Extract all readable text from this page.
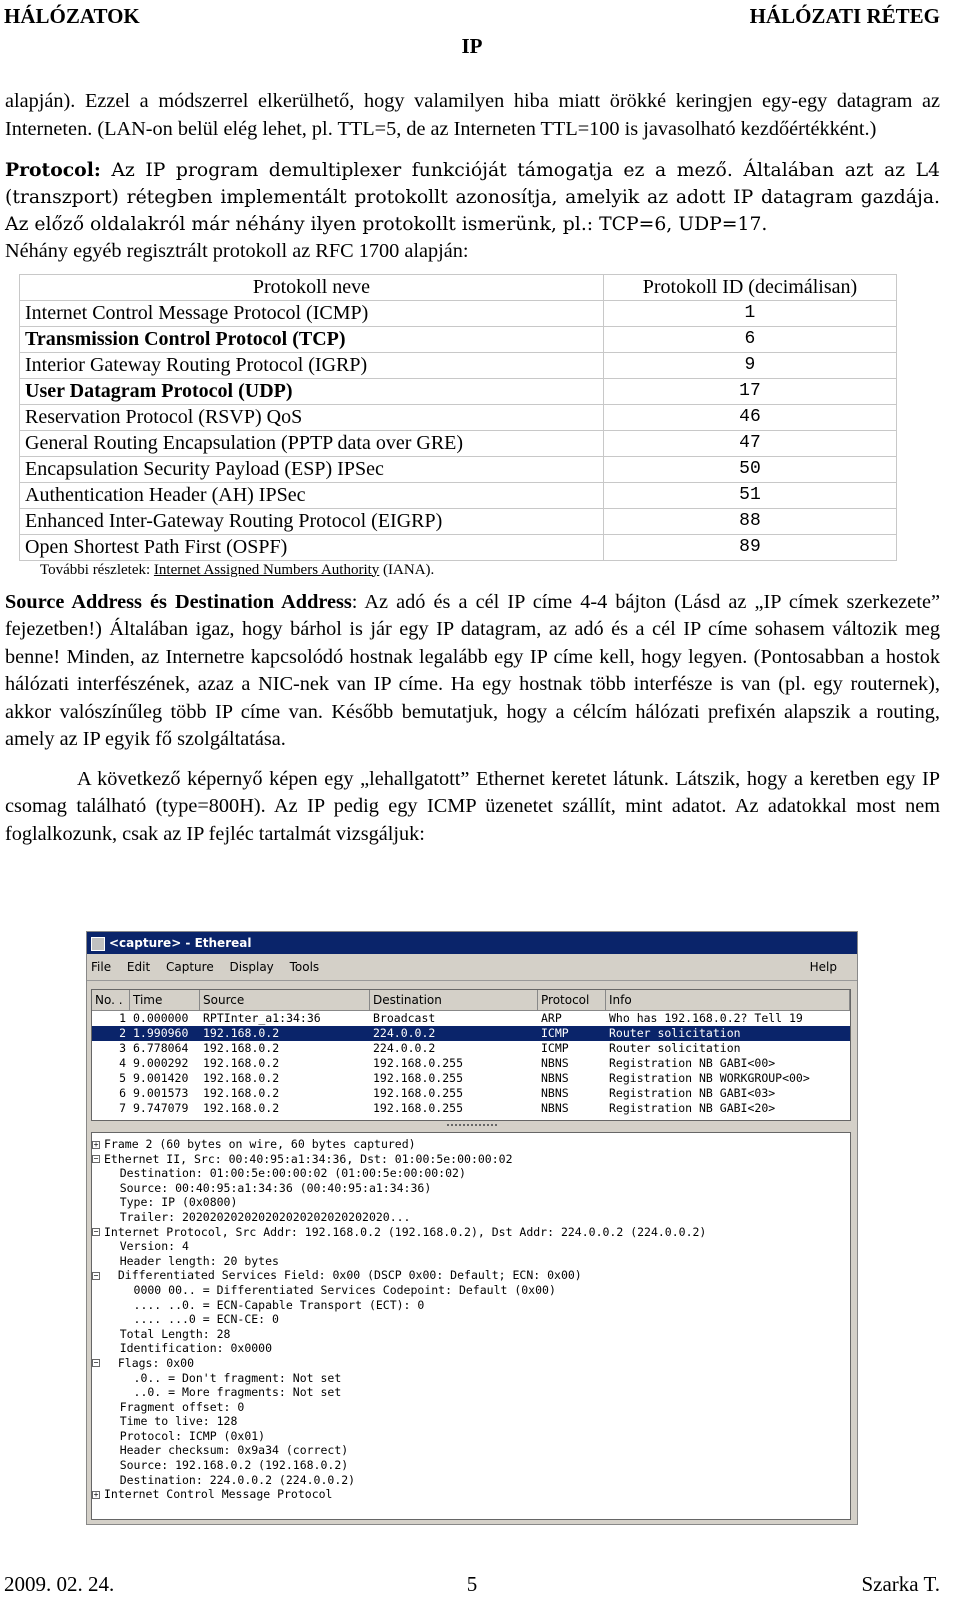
HÁLÓZATOK	HÁLÓZATI RÉTEG
IP

alapján). Ezzel a módszerrel elkerülhető, hogy valamilyen hiba miatt örökké keringjen egy-egy datagram az Interneten. (LAN-on belül elég lehet, pl. TTL=5, de az Interneten TTL=100 is javasolható kezdőértékként.)

Protocol: Az IP program demultiplexer funkcióját támogatja ez a mező. Általában azt az L4 (transzport) rétegben implementált protokollt azonosítja, amelyik az adott IP datagram gazdája. Az előző oldalakról már néhány ilyen protokollt ismerünk, pl.: TCP=6, UDP=17.

Néhány egyéb regisztrált protokoll az RFC 1700 alapján:

Protokoll neve	Protokoll ID (decimálisan)
Internet Control Message Protocol (ICMP)	1
Transmission Control Protocol (TCP)	6
Interior Gateway Routing Protocol (IGRP)	9
User Datagram Protocol (UDP)	17
Reservation Protocol (RSVP) QoS	46
General Routing Encapsulation (PPTP data over GRE)	47
Encapsulation Security Payload (ESP) IPSec	50
Authentication Header (AH) IPSec	51
Enhanced Inter-Gateway Routing Protocol (EIGRP)	88
Open Shortest Path First (OSPF)	89
További részletek: Internet Assigned Numbers Authority (IANA).

Source Address és Destination Address: Az adó és a cél IP címe 4-4 bájton (Lásd az „IP címek szerkezete” fejezetben!) Általában igaz, hogy bárhol is jár egy IP datagram, az adó és a cél IP címe sohasem változik meg benne! Minden, az Internetre kapcsolódó hostnak legalább egy IP címe kell, hogy legyen. (Pontosabban a hostok hálózati interfészének, azaz a NIC-nek van IP címe. Ha egy hostnak több interfésze is van (pl. egy routernek), akkor valószínűleg több IP címe van. Később bemutatjuk, hogy a célcím hálózati prefixén alapszik a routing, amely az IP egyik fő szolgáltatása.

A következő képernyő képen egy „lehallgatott” Ethernet keretet látunk. Látszik, hogy a keretben egy IP csomag található (type=800H). Az IP pedig egy ICMP üzenetet szállít, mint adatot. Az adatokkal most nem foglalkozunk, csak az IP fejléc tartalmát vizsgáljuk:

<capture> - Ethereal
File Edit Capture Display Tools	Help
No. . Time	Source	Destination	Protocol	Info
1 0.000000	RPTInter_a1:34:36	Broadcast	ARP	Who has 192.168.0.2? Tell 19
2 1.990960	192.168.0.2	224.0.0.2	ICMP	Router solicitation
3 6.778064	192.168.0.2	224.0.0.2	ICMP	Router solicitation
4 9.000292	192.168.0.2	192.168.0.255	NBNS	Registration NB GABI<00>
5 9.001420	192.168.0.2	192.168.0.255	NBNS	Registration NB WORKGROUP<00>
6 9.001573	192.168.0.2	192.168.0.255	NBNS	Registration NB GABI<03>
7 9.747079	192.168.0.2	192.168.0.255	NBNS	Registration NB GABI<20>
+ Frame 2 (60 bytes on wire, 60 bytes captured)
− Ethernet II, Src: 00:40:95:a1:34:36, Dst: 01:00:5e:00:00:02
Destination: 01:00:5e:00:00:02 (01:00:5e:00:00:02)
Source: 00:40:95:a1:34:36 (00:40:95:a1:34:36)
Type: IP (0x0800)
Trailer: 202020202020202020202020202020...
− Internet Protocol, Src Addr: 192.168.0.2 (192.168.0.2), Dst Addr: 224.0.0.2 (224.0.0.2)
Version: 4
Header length: 20 bytes
−  Differentiated Services Field: 0x00 (DSCP 0x00: Default; ECN: 0x00)
0000 00.. = Differentiated Services Codepoint: Default (0x00)
.... ..0. = ECN-Capable Transport (ECT): 0
.... ...0 = ECN-CE: 0
Total Length: 28
Identification: 0x0000
−  Flags: 0x00
.0.. = Don't fragment: Not set
..0. = More fragments: Not set
Fragment offset: 0
Time to live: 128
Protocol: ICMP (0x01)
Header checksum: 0x9a34 (correct)
Source: 192.168.0.2 (192.168.0.2)
Destination: 224.0.0.2 (224.0.0.2)
+ Internet Control Message Protocol
2009. 02. 24.	5	Szarka T.
